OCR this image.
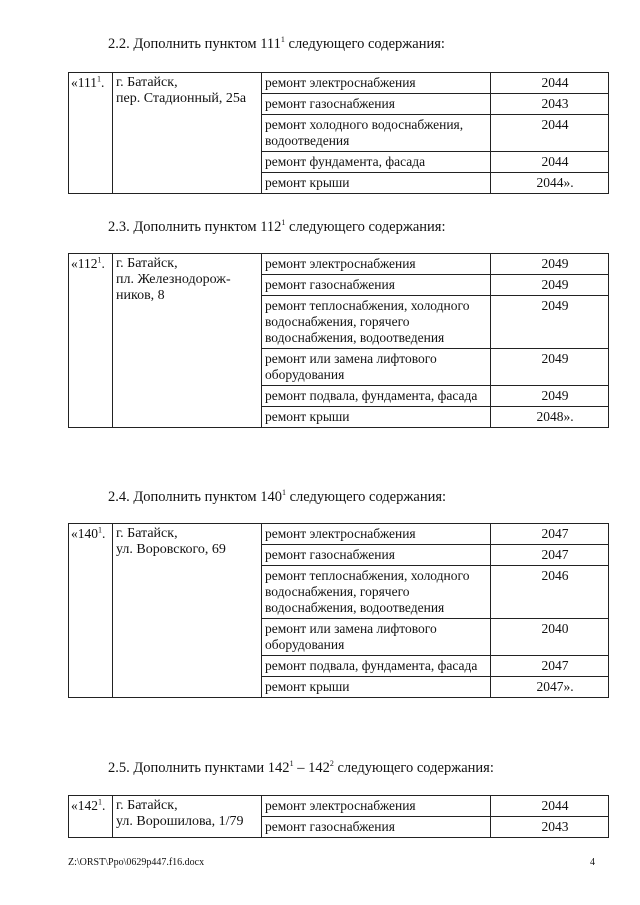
2.2. Дополнить пунктом $111^1$ следующего содержания:
«$111^1$.	г. Батайск,
пер. Стадионный, 25а	ремонт электроснабжения	2044
		ремонт газоснабжения	2043
		ремонт холодного водоснабжения, водоотведения	2044
		ремонт фундамента, фасада	2044
		ремонт крыши	2044».
2.3. Дополнить пунктом $112^1$ следующего содержания:
«$112^1$.	г. Батайск,
пл. Железнодорож-
ников, 8	ремонт электроснабжения	2049
		ремонт газоснабжения	2049
		ремонт теплоснабжения, холодного водоснабжения, горячего водоснабжения, водоотведения	2049
		ремонт или замена лифтового оборудования	2049
		ремонт подвала, фундамента, фасада	2049
		ремонт крыши	2048».
2.4. Дополнить пунктом $140^1$ следующего содержания:
«$140^1$.	г. Батайск,
ул. Воровского, 69	ремонт электроснабжения	2047
		ремонт газоснабжения	2047
		ремонт теплоснабжения, холодного водоснабжения, горячего водоснабжения, водоотведения	2046
		ремонт или замена лифтового оборудования	2040
		ремонт подвала, фундамента, фасада	2047
		ремонт крыши	2047».
2.5. Дополнить пунктами $142^1 - 142^2$ следующего содержания:
«$142^1$.	г. Батайск,
ул. Ворошилова, 1/79	ремонт электроснабжения	2044
		ремонт газоснабжения	2043
Z:\ORST\Ppo\0629p447.f16.docx	4
